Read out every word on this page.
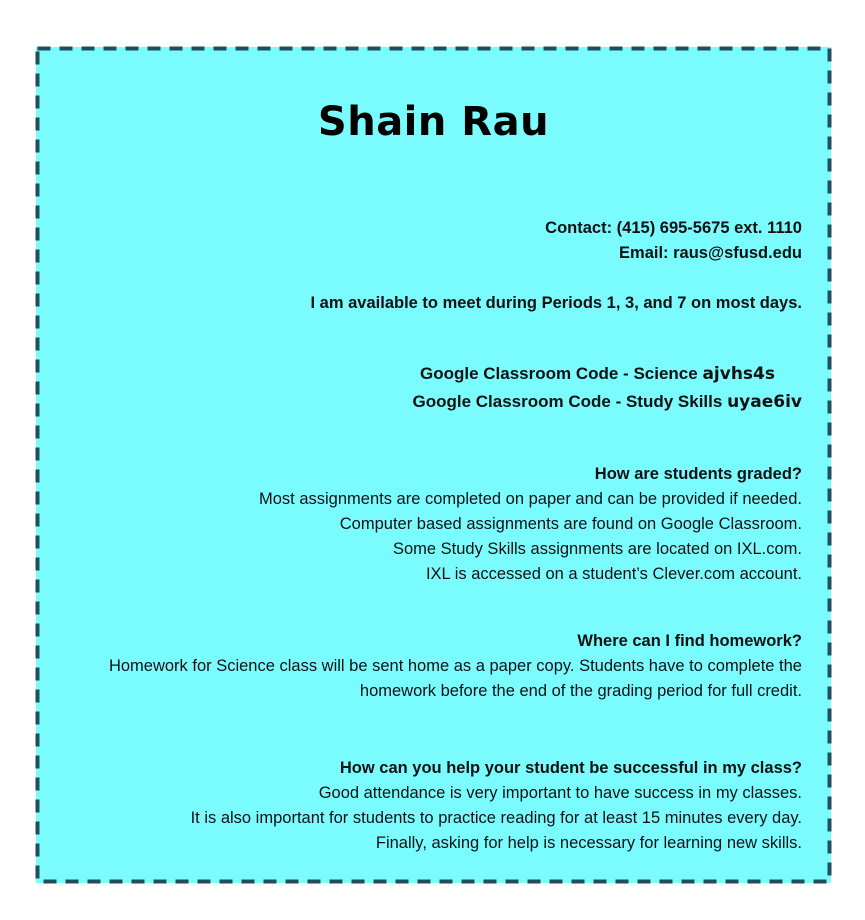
Shain Rau
Contact: (415) 695-5675 ext. 1110
Email: raus@sfusd.edu
I am available to meet during Periods 1, 3, and 7 on most days.
Google Classroom Code - Science ajvhs4s
Google Classroom Code - Study Skills uyae6iv
How are students graded?
Most assignments are completed on paper and can be provided if needed.
Computer based assignments are found on Google Classroom.
Some Study Skills assignments are located on IXL.com.
IXL is accessed on a student’s Clever.com account.
Where can I find homework?
Homework for Science class will be sent home as a paper copy. Students have to complete the
homework before the end of the grading period for full credit.
How can you help your student be successful in my class?
Good attendance is very important to have success in my classes.
It is also important for students to practice reading for at least 15 minutes every day.
Finally, asking for help is necessary for learning new skills.
